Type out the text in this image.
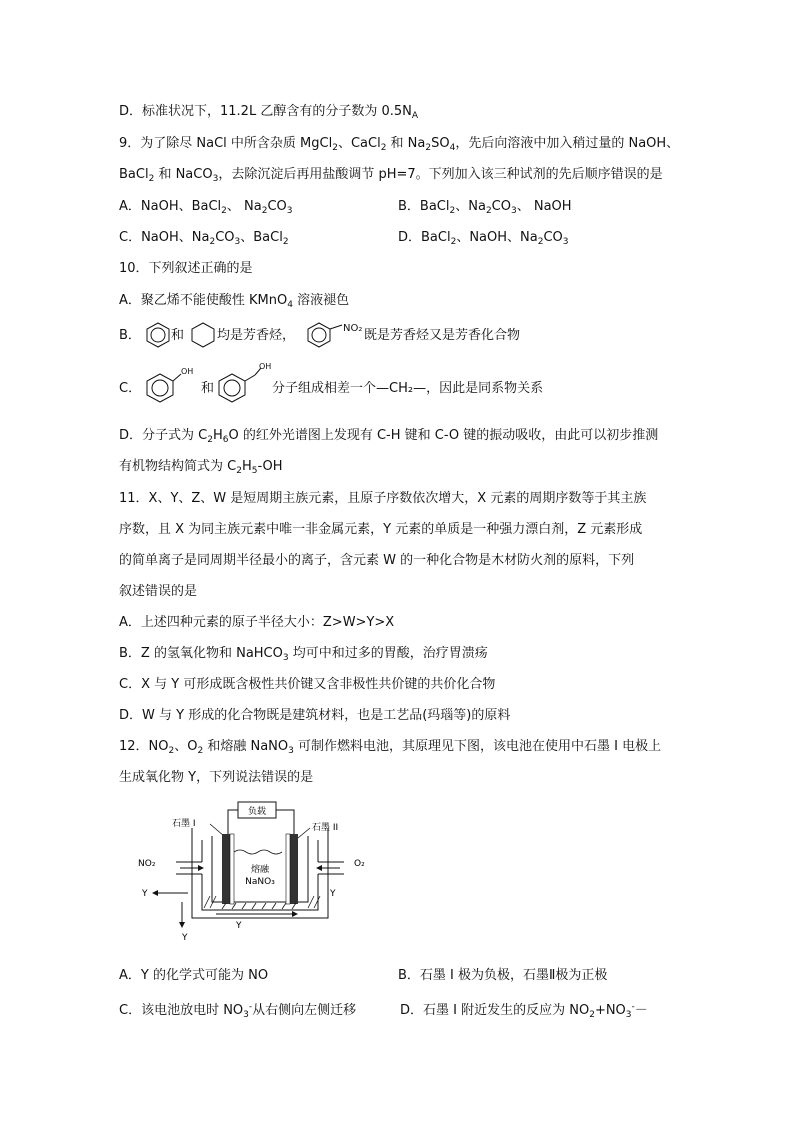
D．标准状况下，11.2L 乙醇含有的分子数为 $0.5N_A$
9．为了除尽 NaCl 中所含杂质 MgCl$_2$、CaCl$_2$ 和 $Na_2SO_4$，先后向溶液中加入稍过量的 NaOH、
BaCl$_2$ 和 NaCO$_3$，去除沉淀后再用盐酸调节 pH=7。下列加入该三种试剂的先后顺序错误的是
A．NaOH、BaCl$_2$、 $Na_2CO_3$	B．BaCl$_2$、$Na_2CO_3$、 NaOH
C．NaOH、$Na_2CO_3$、BaCl$_2$	D．BaCl$_2$、NaOH、$Na_2CO_3$
10．下列叙述正确的是
A．聚乙烯不能使酸性 KMnO$_4$ 溶液褪色
B． 和	均是芳香烃，	NO₂ 既是芳香烃又是芳香化合物
C．
OH
和
OH
分子组成相差一个—CH₂—，因此是同系物关系
D．分子式为 $C_2H_6O$ 的红外光谱图上发现有 C-H 键和 C-O 键的振动吸收，由此可以初步推测
有机物结构简式为 $C_2H_5-OH$
11．X、Y、Z、W 是短周期主族元素，且原子序数依次增大，X 元素的周期序数等于其主族
序数，且 X 为同主族元素中唯一非金属元素，Y 元素的单质是一种强力漂白剂，Z 元素形成
的简单离子是同周期半径最小的离子，含元素 W 的一种化合物是木材防火剂的原料，下列
叙述错误的是
A．上述四种元素的原子半径大小：Z>W>Y>X
B．Z 的氢氧化物和 NaHCO$_3$ 均可中和过多的胃酸，治疗胃溃疡
C．X 与 Y 可形成既含极性共价键又含非极性共价键的共价化合物
D．W 与 Y 形成的化合物既是建筑材料，也是工艺品(玛瑙等)的原料
12．$NO_2$、$O_2$ 和熔融 NaNO$_3$ 可制作燃料电池，其原理见下图，该电池在使用中石墨 I 电极上
生成氧化物 Y，下列说法错误的是
负载
石墨 I	石墨 II
熔融
NaNO₃
NO₂	O₂
Y	Y
Y
Y
A．Y 的化学式可能为 NO	B．石墨 I 极为负极，石墨Ⅱ极为正极
C．该电池放电时 $NO_3^-$从右侧向左侧迁移	D．石墨 I 附近发生的反应为 $NO_2+NO_3^--$
